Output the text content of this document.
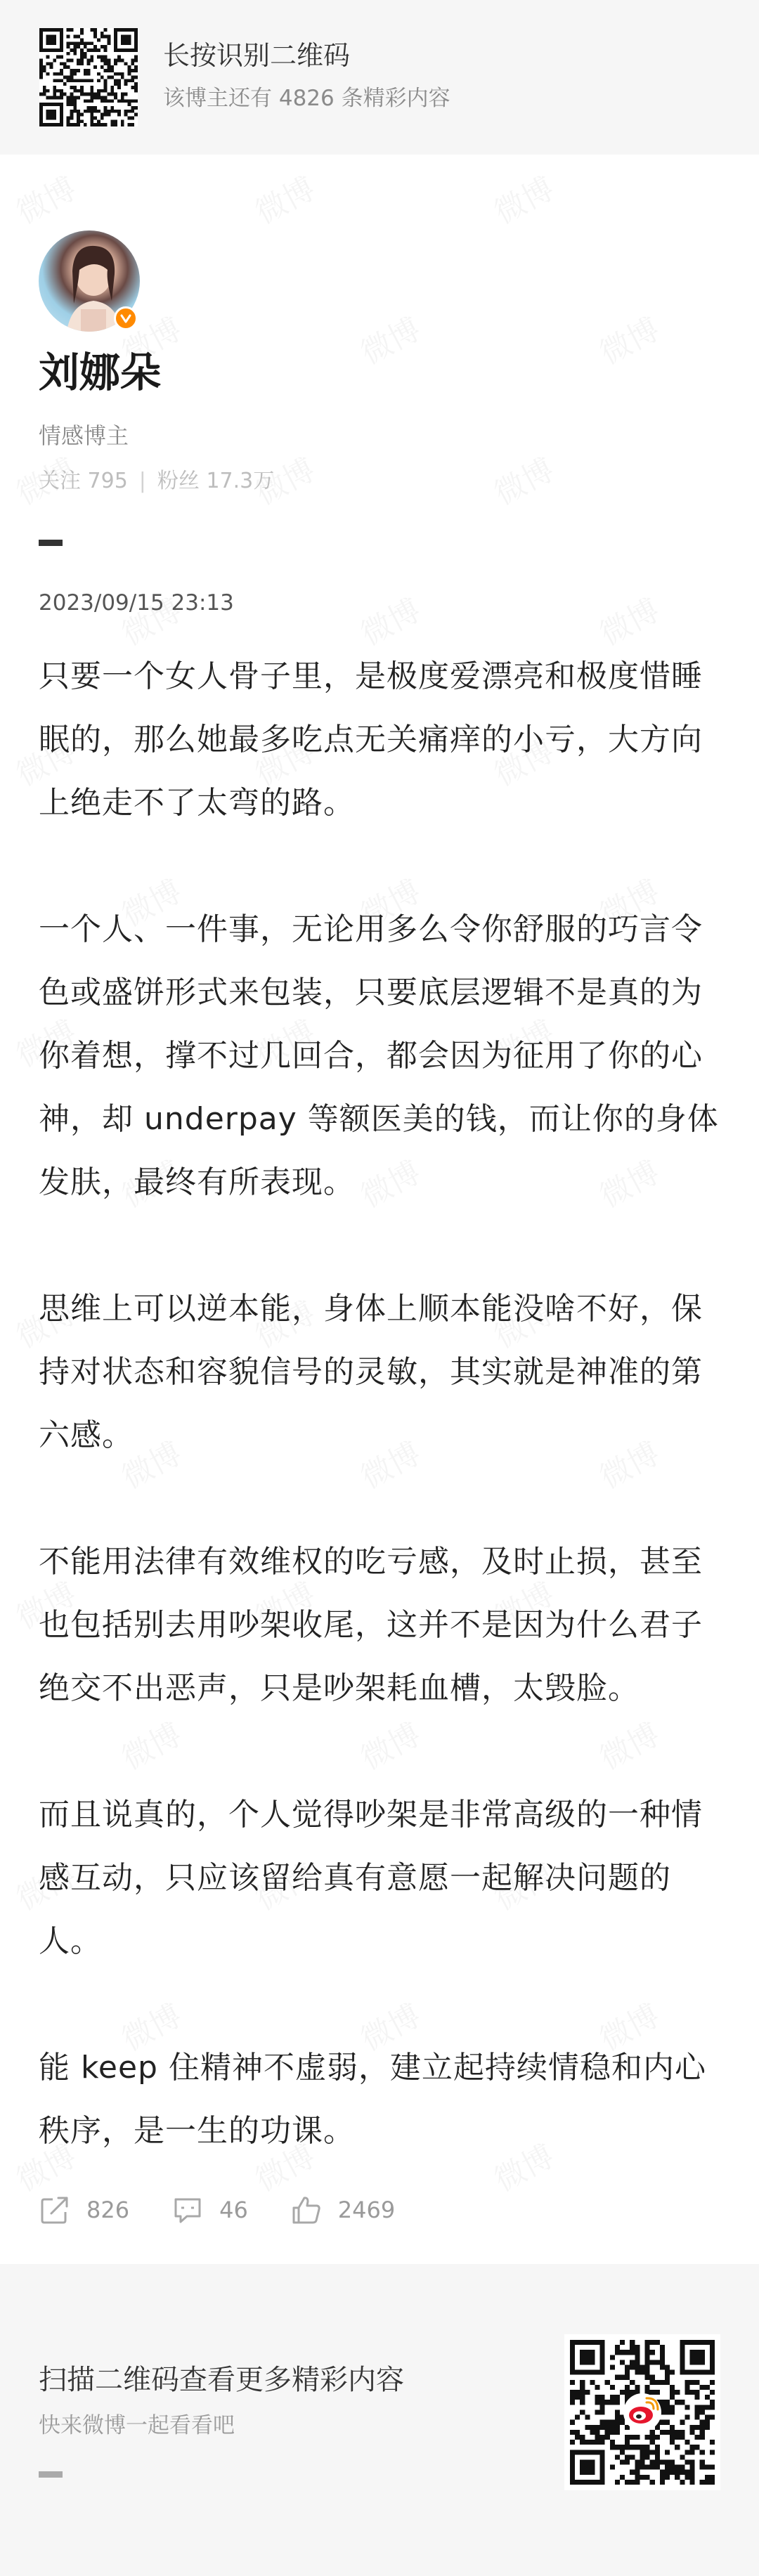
长按识别二维码
该博主还有 4826 条精彩内容
刘娜朵
情感博主
关注 795 | 粉丝 17.3万
2023/09/15 23:13

只要一个女人骨子里，是极度爱漂亮和极度惜睡眠的，那么她最多吃点无关痛痒的小亏，大方向上绝走不了太弯的路。

一个人、一件事，无论用多么令你舒服的巧言令色或盛饼形式来包装，只要底层逻辑不是真的为你着想，撑不过几回合，都会因为征用了你的心神，却 underpay 等额医美的钱，而让你的身体发肤，最终有所表现。

思维上可以逆本能，身体上顺本能没啥不好，保持对状态和容貌信号的灵敏，其实就是神准的第六感。

不能用法律有效维权的吃亏感，及时止损，甚至也包括别去用吵架收尾，这并不是因为什么君子绝交不出恶声，只是吵架耗血槽，太毁脸。

而且说真的，个人觉得吵架是非常高级的一种情感互动，只应该留给真有意愿一起解决问题的人。

能 keep 住精神不虚弱，建立起持续情稳和内心秩序，是一生的功课。

826	46	2469
扫描二维码查看更多精彩内容
快来微博一起看看吧
